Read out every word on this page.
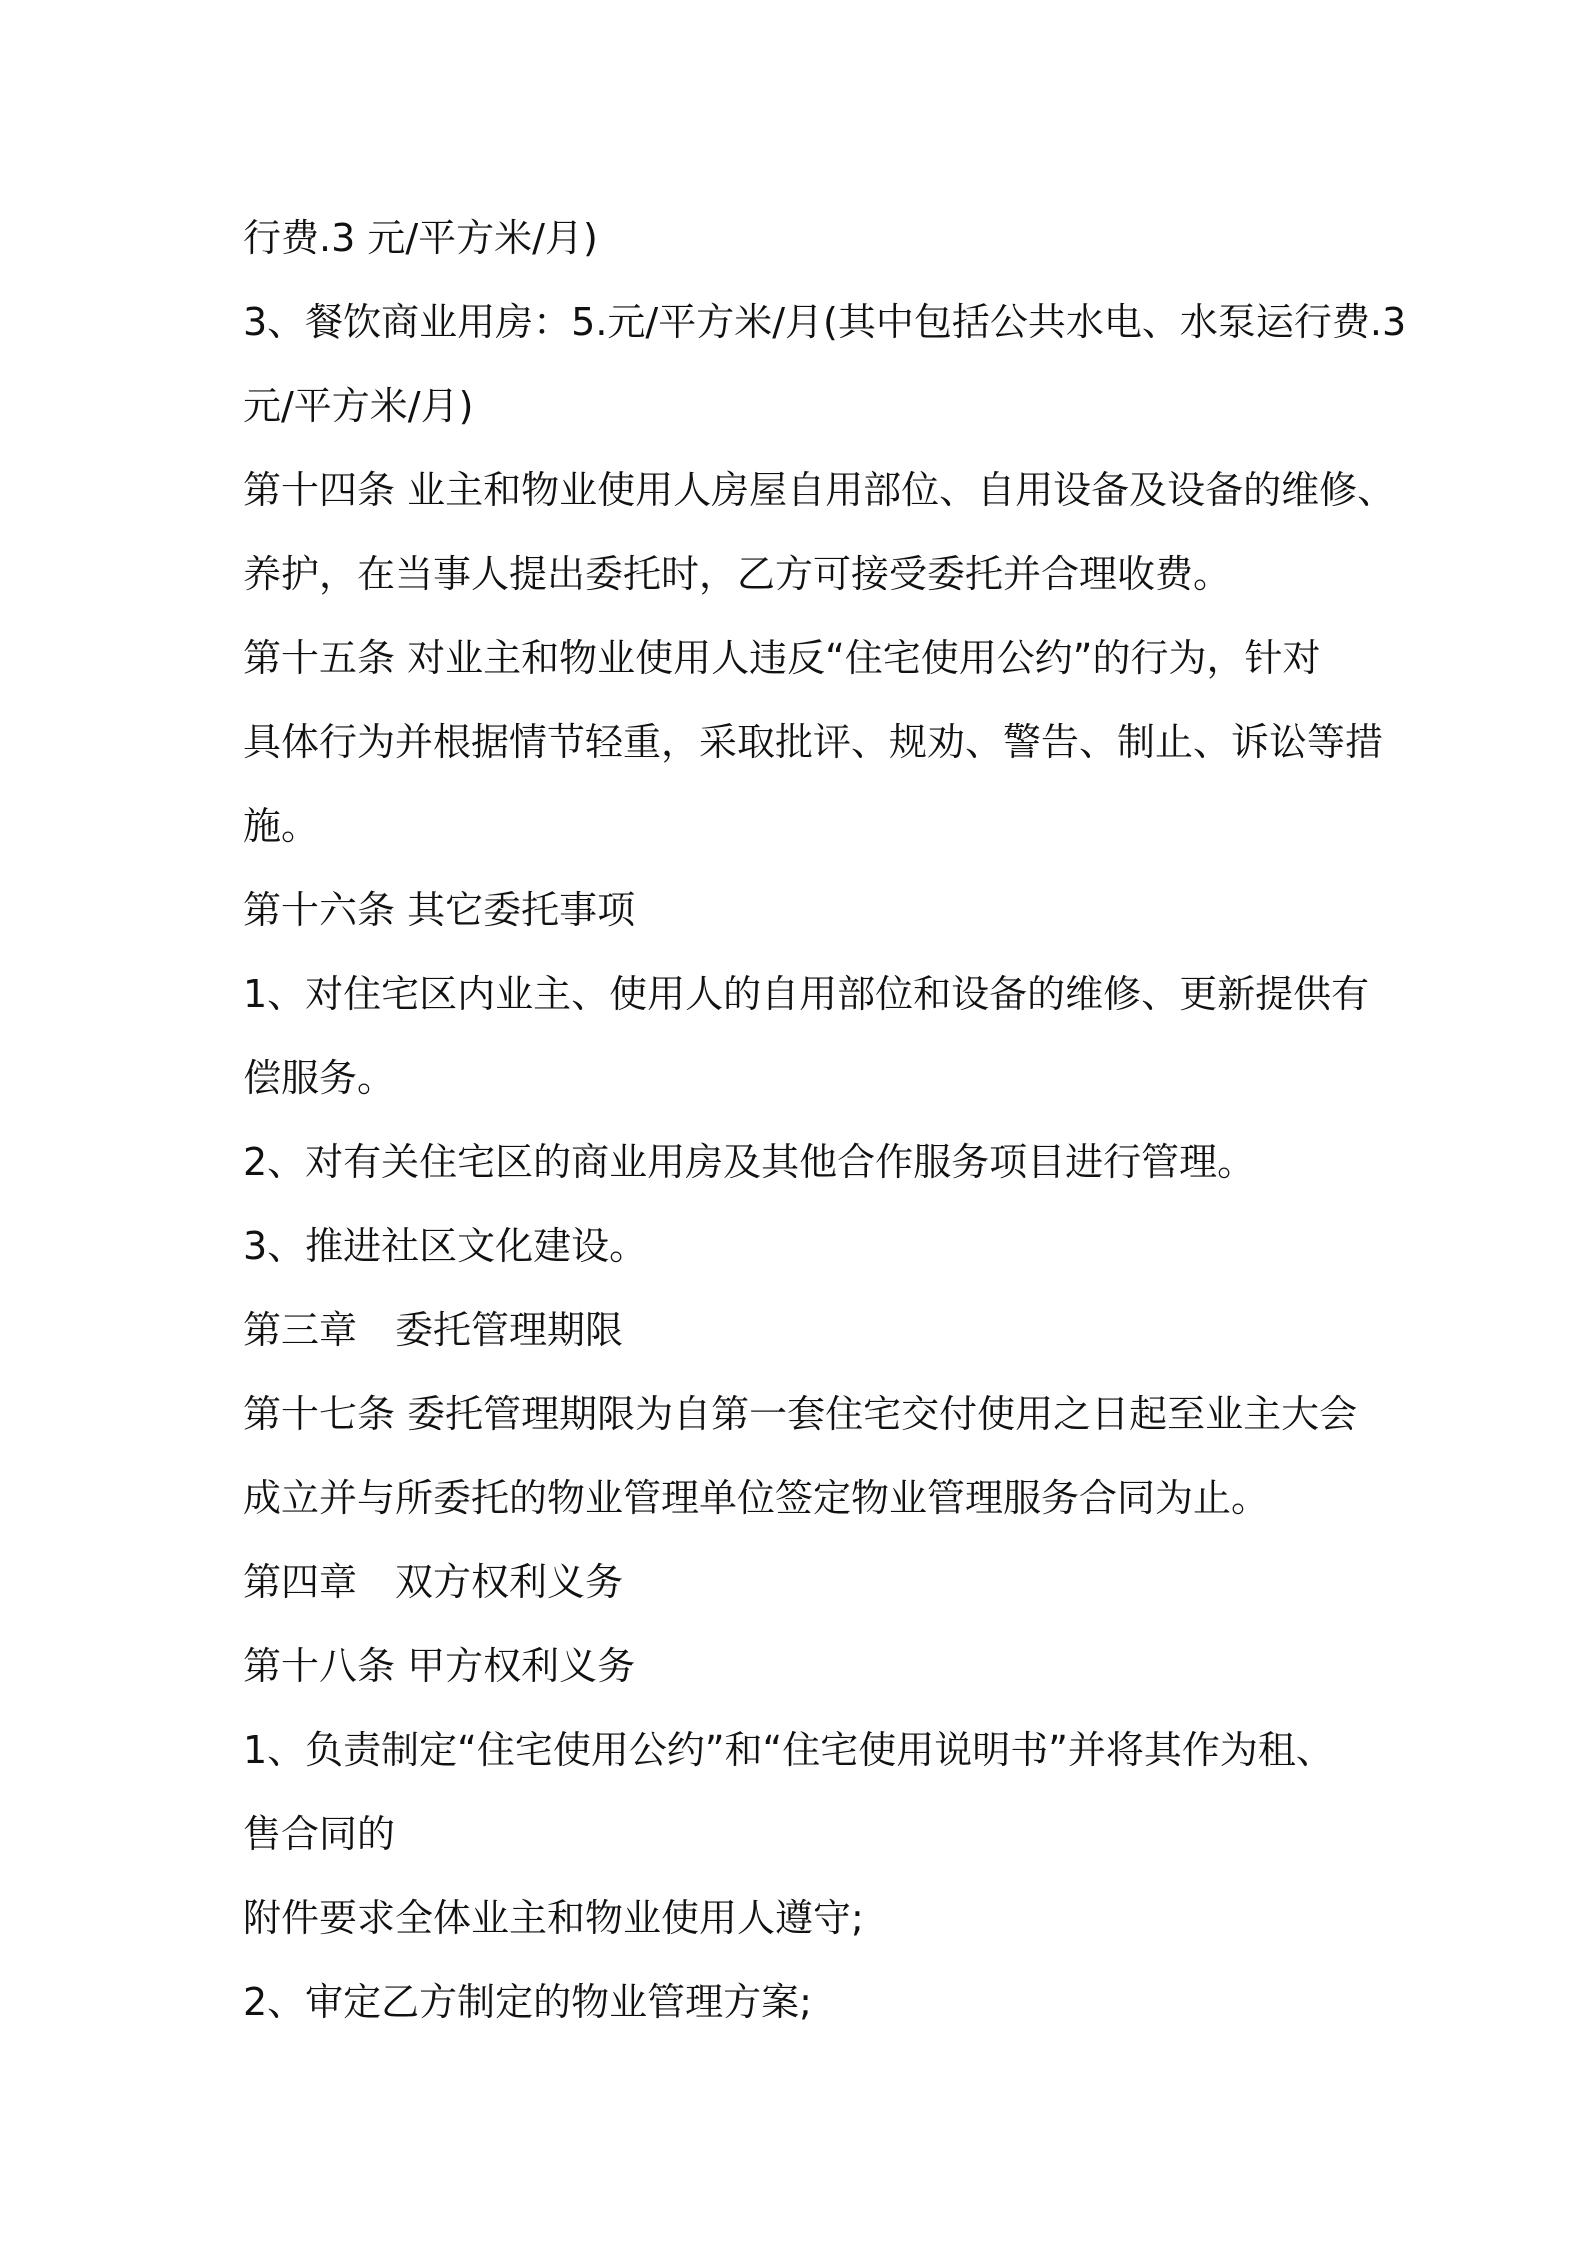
行费.3 元/平方米/月)
3、餐饮商业用房：5.元/平方米/月(其中包括公共水电、水泵运行费.3
元/平方米/月)
第十四条 业主和物业使用人房屋自用部位、自用设备及设备的维修、
养护，在当事人提出委托时，乙方可接受委托并合理收费。
第十五条 对业主和物业使用人违反“住宅使用公约”的行为，针对
具体行为并根据情节轻重，采取批评、规劝、警告、制止、诉讼等措
施。
第十六条 其它委托事项
1、对住宅区内业主、使用人的自用部位和设备的维修、更新提供有
偿服务。
2、对有关住宅区的商业用房及其他合作服务项目进行管理。
3、推进社区文化建设。
第三章　委托管理期限
第十七条 委托管理期限为自第一套住宅交付使用之日起至业主大会
成立并与所委托的物业管理单位签定物业管理服务合同为止。
第四章　双方权利义务
第十八条 甲方权利义务
1、负责制定“住宅使用公约”和“住宅使用说明书”并将其作为租、
售合同的
附件要求全体业主和物业使用人遵守;
2、审定乙方制定的物业管理方案;
